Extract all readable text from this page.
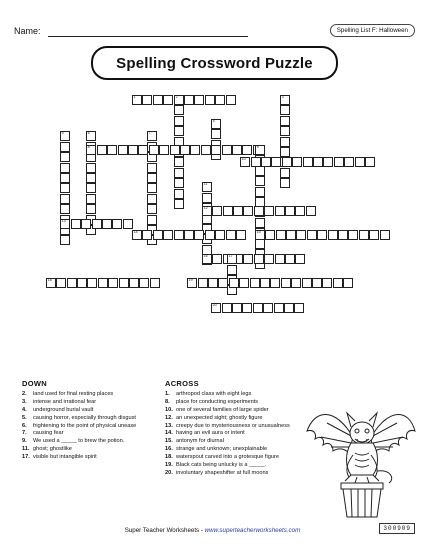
Name:	Spelling List F: Halloween
Spelling Crossword Puzzle
1	2	3
4
5	6	7
8	9
10
11
12
13
14	15
16	17
18	19
20
DOWN
2. land used for final resting places
3. intense and irrational fear
4. underground burial vault
5. causing horror, especially through disgust
6. frightening to the point of physical unease
7. causing fear
9. We used a _____ to brew the potion.
11. ghost; ghostlike
17. visible but intangible spirit
ACROSS
1. arthropod class with eight legs
8. place for conducting experiments
10. one of several families of large spider
12. an unexpected sight; ghostly figure
13. creepy due to mysteriousness or unusualness
14. having an evil aura or intent
15. antonym for diurnal
16. strange and unknown; unexplainable
18. waterspout carved into a grotesque figure
19. Black cats being unlucky is a _____.
20. involuntary shapeshifter at full moons
Super Teacher Worksheets - www.superteacherworksheets.com	300909
